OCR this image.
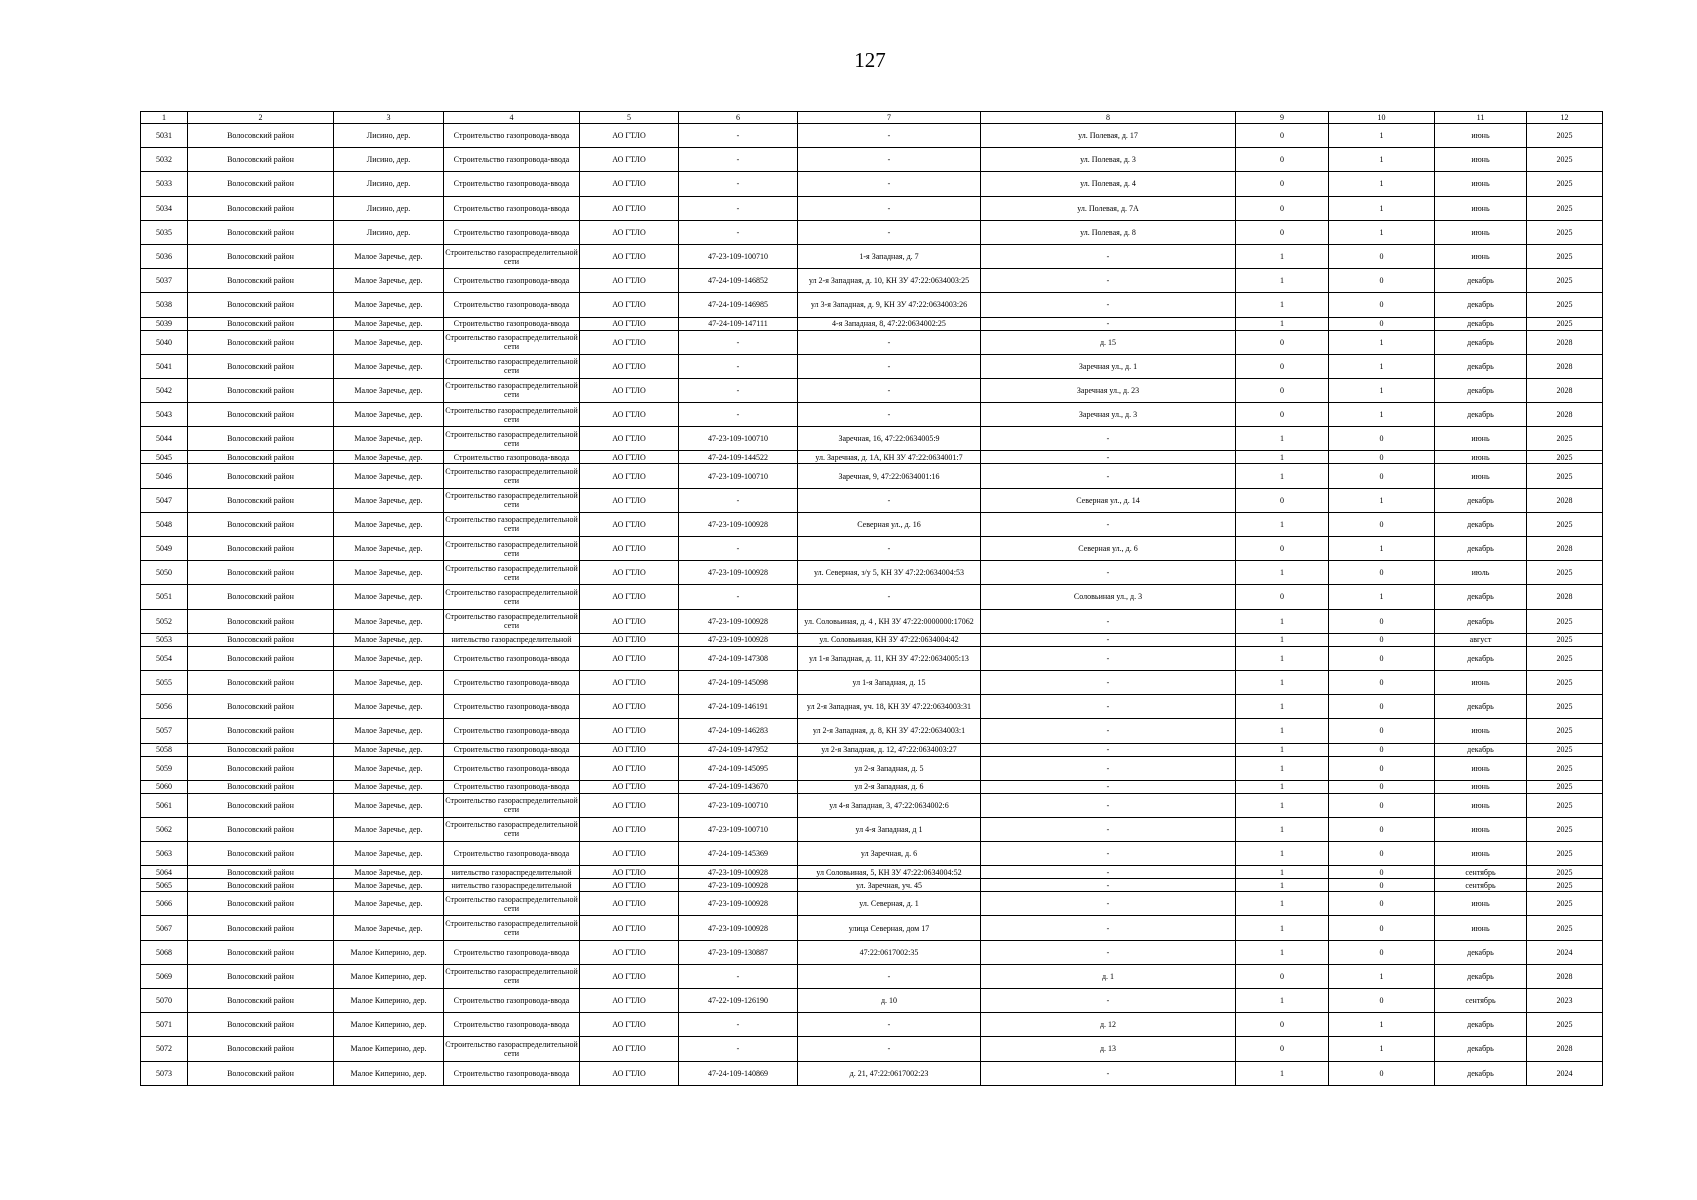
127
1	2	3	4	5	6	7	8	9	10	11	12
5031	Волосовский район	Лисино, дер.	Строительство газопровода-ввода	АО ГТЛО	-	-	ул. Полевая, д. 17	0	1	июнь	2025
5032	Волосовский район	Лисино, дер.	Строительство газопровода-ввода	АО ГТЛО	-	-	ул. Полевая, д. 3	0	1	июнь	2025
5033	Волосовский район	Лисино, дер.	Строительство газопровода-ввода	АО ГТЛО	-	-	ул. Полевая, д. 4	0	1	июнь	2025
5034	Волосовский район	Лисино, дер.	Строительство газопровода-ввода	АО ГТЛО	-	-	ул. Полевая, д. 7А	0	1	июнь	2025
5035	Волосовский район	Лисино, дер.	Строительство газопровода-ввода	АО ГТЛО	-	-	ул. Полевая, д. 8	0	1	июнь	2025
5036	Волосовский район	Малое Заречье, дер.	Строительство газораспределительной сети	АО ГТЛО	47-23-109-100710	1-я Западная, д. 7	-	1	0	июнь	2025
5037	Волосовский район	Малое Заречье, дер.	Строительство газопровода-ввода	АО ГТЛО	47-24-109-146852	ул 2-я Западная, д. 10, КН ЗУ 47:22:0634003:25	-	1	0	декабрь	2025
5038	Волосовский район	Малое Заречье, дер.	Строительство газопровода-ввода	АО ГТЛО	47-24-109-146985	ул 3-я Западная, д. 9, КН ЗУ 47:22:0634003:26	-	1	0	декабрь	2025
5039	Волосовский район	Малое Заречье, дер.	Строительство газопровода-ввода	АО ГТЛО	47-24-109-147111	4-я Западная, 8, 47:22:0634002:25	-	1	0	декабрь	2025
5040	Волосовский район	Малое Заречье, дер.	Строительство газораспределительной сети	АО ГТЛО	-	-	д. 15	0	1	декабрь	2028
5041	Волосовский район	Малое Заречье, дер.	Строительство газораспределительной сети	АО ГТЛО	-	-	Заречная ул., д. 1	0	1	декабрь	2028
5042	Волосовский район	Малое Заречье, дер.	Строительство газораспределительной сети	АО ГТЛО	-	-	Заречная ул., д. 23	0	1	декабрь	2028
5043	Волосовский район	Малое Заречье, дер.	Строительство газораспределительной сети	АО ГТЛО	-	-	Заречная ул., д. 3	0	1	декабрь	2028
5044	Волосовский район	Малое Заречье, дер.	Строительство газораспределительной сети	АО ГТЛО	47-23-109-100710	Заречная, 16, 47:22:0634005:9	-	1	0	июнь	2025
5045	Волосовский район	Малое Заречье, дер.	Строительство газопровода-ввода	АО ГТЛО	47-24-109-144522	ул. Заречная, д. 1А, КН ЗУ 47:22:0634001:7	-	1	0	июнь	2025
5046	Волосовский район	Малое Заречье, дер.	Строительство газораспределительной сети	АО ГТЛО	47-23-109-100710	Заречная, 9, 47:22:0634001:16	-	1	0	июнь	2025
5047	Волосовский район	Малое Заречье, дер.	Строительство газораспределительной сети	АО ГТЛО	-	-	Северная ул., д. 14	0	1	декабрь	2028
5048	Волосовский район	Малое Заречье, дер.	Строительство газораспределительной сети	АО ГТЛО	47-23-109-100928	Северная ул., д. 16	-	1	0	декабрь	2025
5049	Волосовский район	Малое Заречье, дер.	Строительство газораспределительной сети	АО ГТЛО	-	-	Северная ул., д. 6	0	1	декабрь	2028
5050	Волосовский район	Малое Заречье, дер.	Строительство газораспределительной сети	АО ГТЛО	47-23-109-100928	ул. Северная, з/у 5, КН ЗУ 47:22:0634004:53	-	1	0	июль	2025
5051	Волосовский район	Малое Заречье, дер.	Строительство газораспределительной сети	АО ГТЛО	-	-	Соловьиная ул., д. 3	0	1	декабрь	2028
5052	Волосовский район	Малое Заречье, дер.	Строительство газораспределительной сети	АО ГТЛО	47-23-109-100928	ул. Соловьиная, д. 4 , КН ЗУ 47:22:0000000:17062	-	1	0	декабрь	2025
5053	Волосовский район	Малое Заречье, дер.	нительство газораспределительной	АО ГТЛО	47-23-109-100928	ул. Соловьиная, КН ЗУ 47:22:0634004:42	-	1	0	август	2025
5054	Волосовский район	Малое Заречье, дер.	Строительство газопровода-ввода	АО ГТЛО	47-24-109-147308	ул 1-я Западная, д. 11, КН ЗУ 47:22:0634005:13	-	1	0	декабрь	2025
5055	Волосовский район	Малое Заречье, дер.	Строительство газопровода-ввода	АО ГТЛО	47-24-109-145098	ул 1-я Западная, д. 15	-	1	0	июнь	2025
5056	Волосовский район	Малое Заречье, дер.	Строительство газопровода-ввода	АО ГТЛО	47-24-109-146191	ул 2-я Западная, уч. 18, КН ЗУ 47:22:0634003:31	-	1	0	декабрь	2025
5057	Волосовский район	Малое Заречье, дер.	Строительство газопровода-ввода	АО ГТЛО	47-24-109-146283	ул 2-я Западная, д. 8, КН ЗУ 47:22:0634003:1	-	1	0	июнь	2025
5058	Волосовский район	Малое Заречье, дер.	Строительство газопровода-ввода	АО ГТЛО	47-24-109-147952	ул 2-я Западная, д. 12, 47:22:0634003:27	-	1	0	декабрь	2025
5059	Волосовский район	Малое Заречье, дер.	Строительство газопровода-ввода	АО ГТЛО	47-24-109-145095	ул 2-я Западная, д. 5	-	1	0	июнь	2025
5060	Волосовский район	Малое Заречье, дер.	Строительство газопровода-ввода	АО ГТЛО	47-24-109-143670	ул 2-я Западная, д. 6	-	1	0	июнь	2025
5061	Волосовский район	Малое Заречье, дер.	Строительство газораспределительной сети	АО ГТЛО	47-23-109-100710	ул 4-я Западная, 3, 47:22:0634002:6	-	1	0	июнь	2025
5062	Волосовский район	Малое Заречье, дер.	Строительство газораспределительной сети	АО ГТЛО	47-23-109-100710	ул 4-я Западная, д 1	-	1	0	июнь	2025
5063	Волосовский район	Малое Заречье, дер.	Строительство газопровода-ввода	АО ГТЛО	47-24-109-145369	ул Заречная, д. 6	-	1	0	июнь	2025
5064	Волосовский район	Малое Заречье, дер.	нительство газораспределительной	АО ГТЛО	47-23-109-100928	ул Соловьиная, 5, КН ЗУ 47:22:0634004:52	-	1	0	сентябрь	2025
5065	Волосовский район	Малое Заречье, дер.	нительство газораспределительной	АО ГТЛО	47-23-109-100928	ул. Заречная, уч. 45	-	1	0	сентябрь	2025
5066	Волосовский район	Малое Заречье, дер.	Строительство газораспределительной сети	АО ГТЛО	47-23-109-100928	ул. Северная, д. 1	-	1	0	июнь	2025
5067	Волосовский район	Малое Заречье, дер.	Строительство газораспределительной сети	АО ГТЛО	47-23-109-100928	улица Северная, дом 17	-	1	0	июнь	2025
5068	Волосовский район	Малое Киперино, дер.	Строительство газопровода-ввода	АО ГТЛО	47-23-109-130887	47:22:0617002:35	-	1	0	декабрь	2024
5069	Волосовский район	Малое Киперино, дер.	Строительство газораспределительной сети	АО ГТЛО	-	-	д. 1	0	1	декабрь	2028
5070	Волосовский район	Малое Киперино, дер.	Строительство газопровода-ввода	АО ГТЛО	47-22-109-126190	д. 10	-	1	0	сентябрь	2023
5071	Волосовский район	Малое Киперино, дер.	Строительство газопровода-ввода	АО ГТЛО	-	-	д. 12	0	1	декабрь	2025
5072	Волосовский район	Малое Киперино, дер.	Строительство газораспределительной сети	АО ГТЛО	-	-	д. 13	0	1	декабрь	2028
5073	Волосовский район	Малое Киперино, дер.	Строительство газопровода-ввода	АО ГТЛО	47-24-109-140869	д. 21, 47:22:0617002:23	-	1	0	декабрь	2024
